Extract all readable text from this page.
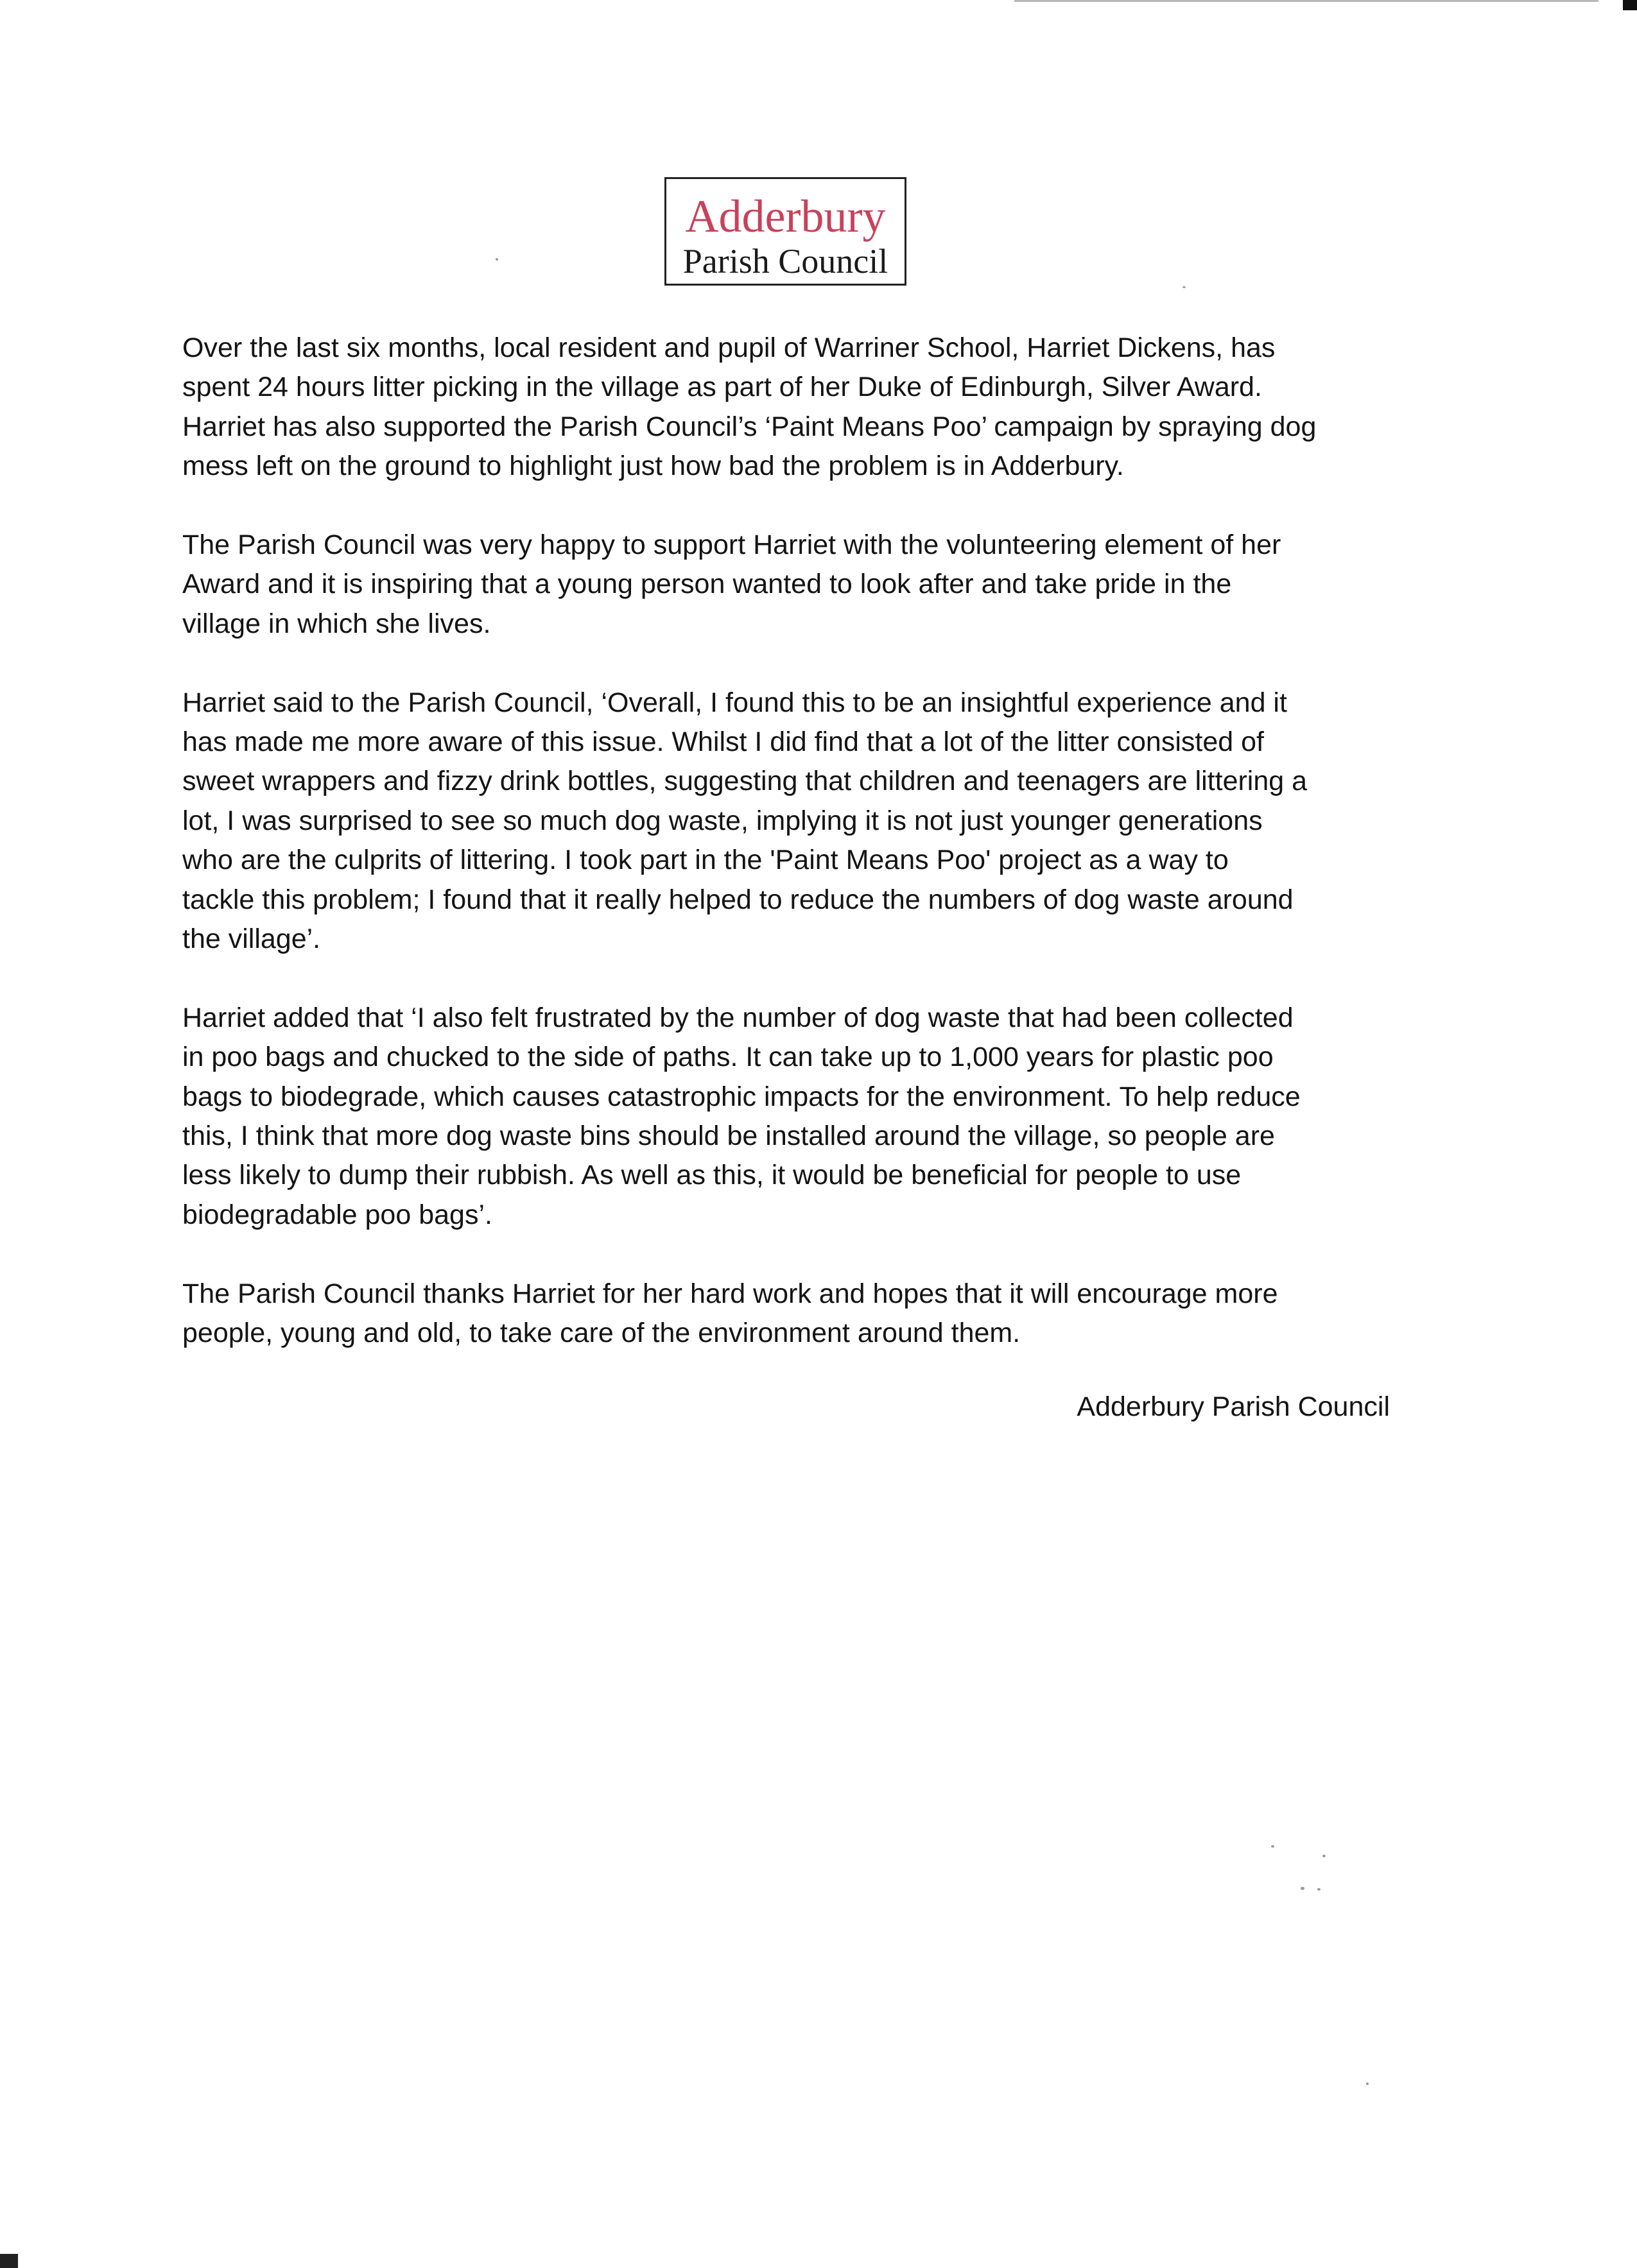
Adderbury
Parish Council

Over the last six months, local resident and pupil of Warriner School, Harriet Dickens, has
spent 24 hours litter picking in the village as part of her Duke of Edinburgh, Silver Award.
Harriet has also supported the Parish Council’s ‘Paint Means Poo’ campaign by spraying dog
mess left on the ground to highlight just how bad the problem is in Adderbury.

The Parish Council was very happy to support Harriet with the volunteering element of her
Award and it is inspiring that a young person wanted to look after and take pride in the
village in which she lives.

Harriet said to the Parish Council, ‘Overall, I found this to be an insightful experience and it
has made me more aware of this issue. Whilst I did find that a lot of the litter consisted of
sweet wrappers and fizzy drink bottles, suggesting that children and teenagers are littering a
lot, I was surprised to see so much dog waste, implying it is not just younger generations
who are the culprits of littering. I took part in the 'Paint Means Poo' project as a way to
tackle this problem; I found that it really helped to reduce the numbers of dog waste around
the village’.

Harriet added that ‘I also felt frustrated by the number of dog waste that had been collected
in poo bags and chucked to the side of paths. It can take up to 1,000 years for plastic poo
bags to biodegrade, which causes catastrophic impacts for the environment. To help reduce
this, I think that more dog waste bins should be installed around the village, so people are
less likely to dump their rubbish. As well as this, it would be beneficial for people to use
biodegradable poo bags’.

The Parish Council thanks Harriet for her hard work and hopes that it will encourage more
people, young and old, to take care of the environment around them.

Adderbury Parish Council
